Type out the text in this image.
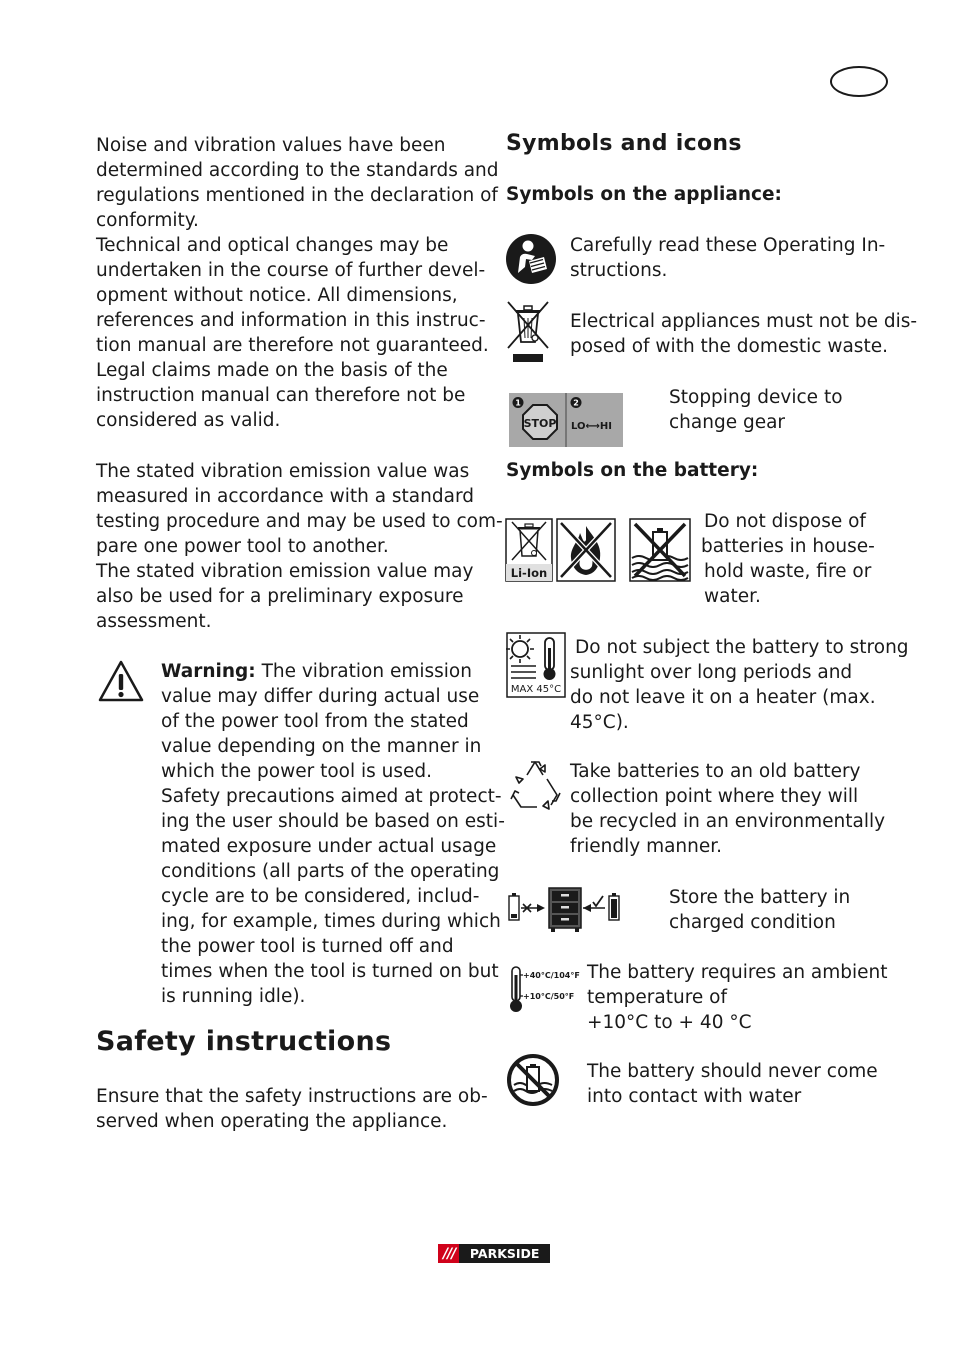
Noise and vibration values have been
determined according to the standards and
regulations mentioned in the declaration of
conformity.
Technical and optical changes may be
undertaken in the course of further devel-
opment without notice. All dimensions,
references and information in this instruc-
tion manual are therefore not guaranteed.
Legal claims made on the basis of the
instruction manual can therefore not be
considered as valid.
The stated vibration emission value was
measured in accordance with a standard
testing procedure and may be used to com-
pare one power tool to another.
The stated vibration emission value may
also be used for a preliminary exposure
assessment.
Warning: The vibration emission
value may differ during actual use
of the power tool from the stated
value depending on the manner in
which the power tool is used.
Safety precautions aimed at protect-
ing the user should be based on esti-
mated exposure under actual usage
conditions (all parts of the operating
cycle are to be considered, includ-
ing, for example, times during which
the power tool is turned off and
times when the tool is turned on but
is running idle).
Safety instructions
Ensure that the safety instructions are ob-
served when operating the appliance.
Symbols and icons
Symbols on the appliance:
Carefully read these Operating In-
structions.
Electrical appliances must not be dis-
posed of with the domestic waste.
1	2
STOP LO⟷HI
Stopping device to
change gear
Symbols on the battery:
Li-Ion
Do not dispose of
batteries in house-
hold waste, fire or
water.
MAX 45°C
Do not subject the battery to strong
sunlight over long periods and
do not leave it on a heater (max.
45°C).
Take batteries to an old battery
collection point where they will
be recycled in an environmentally
friendly manner.
Store the battery in
charged condition
+40°C/104°F
+10°C/50°F
The battery requires an ambient
temperature of
+10°C to + 40 °C
The battery should never come
into contact with water
///	PARKSIDE
